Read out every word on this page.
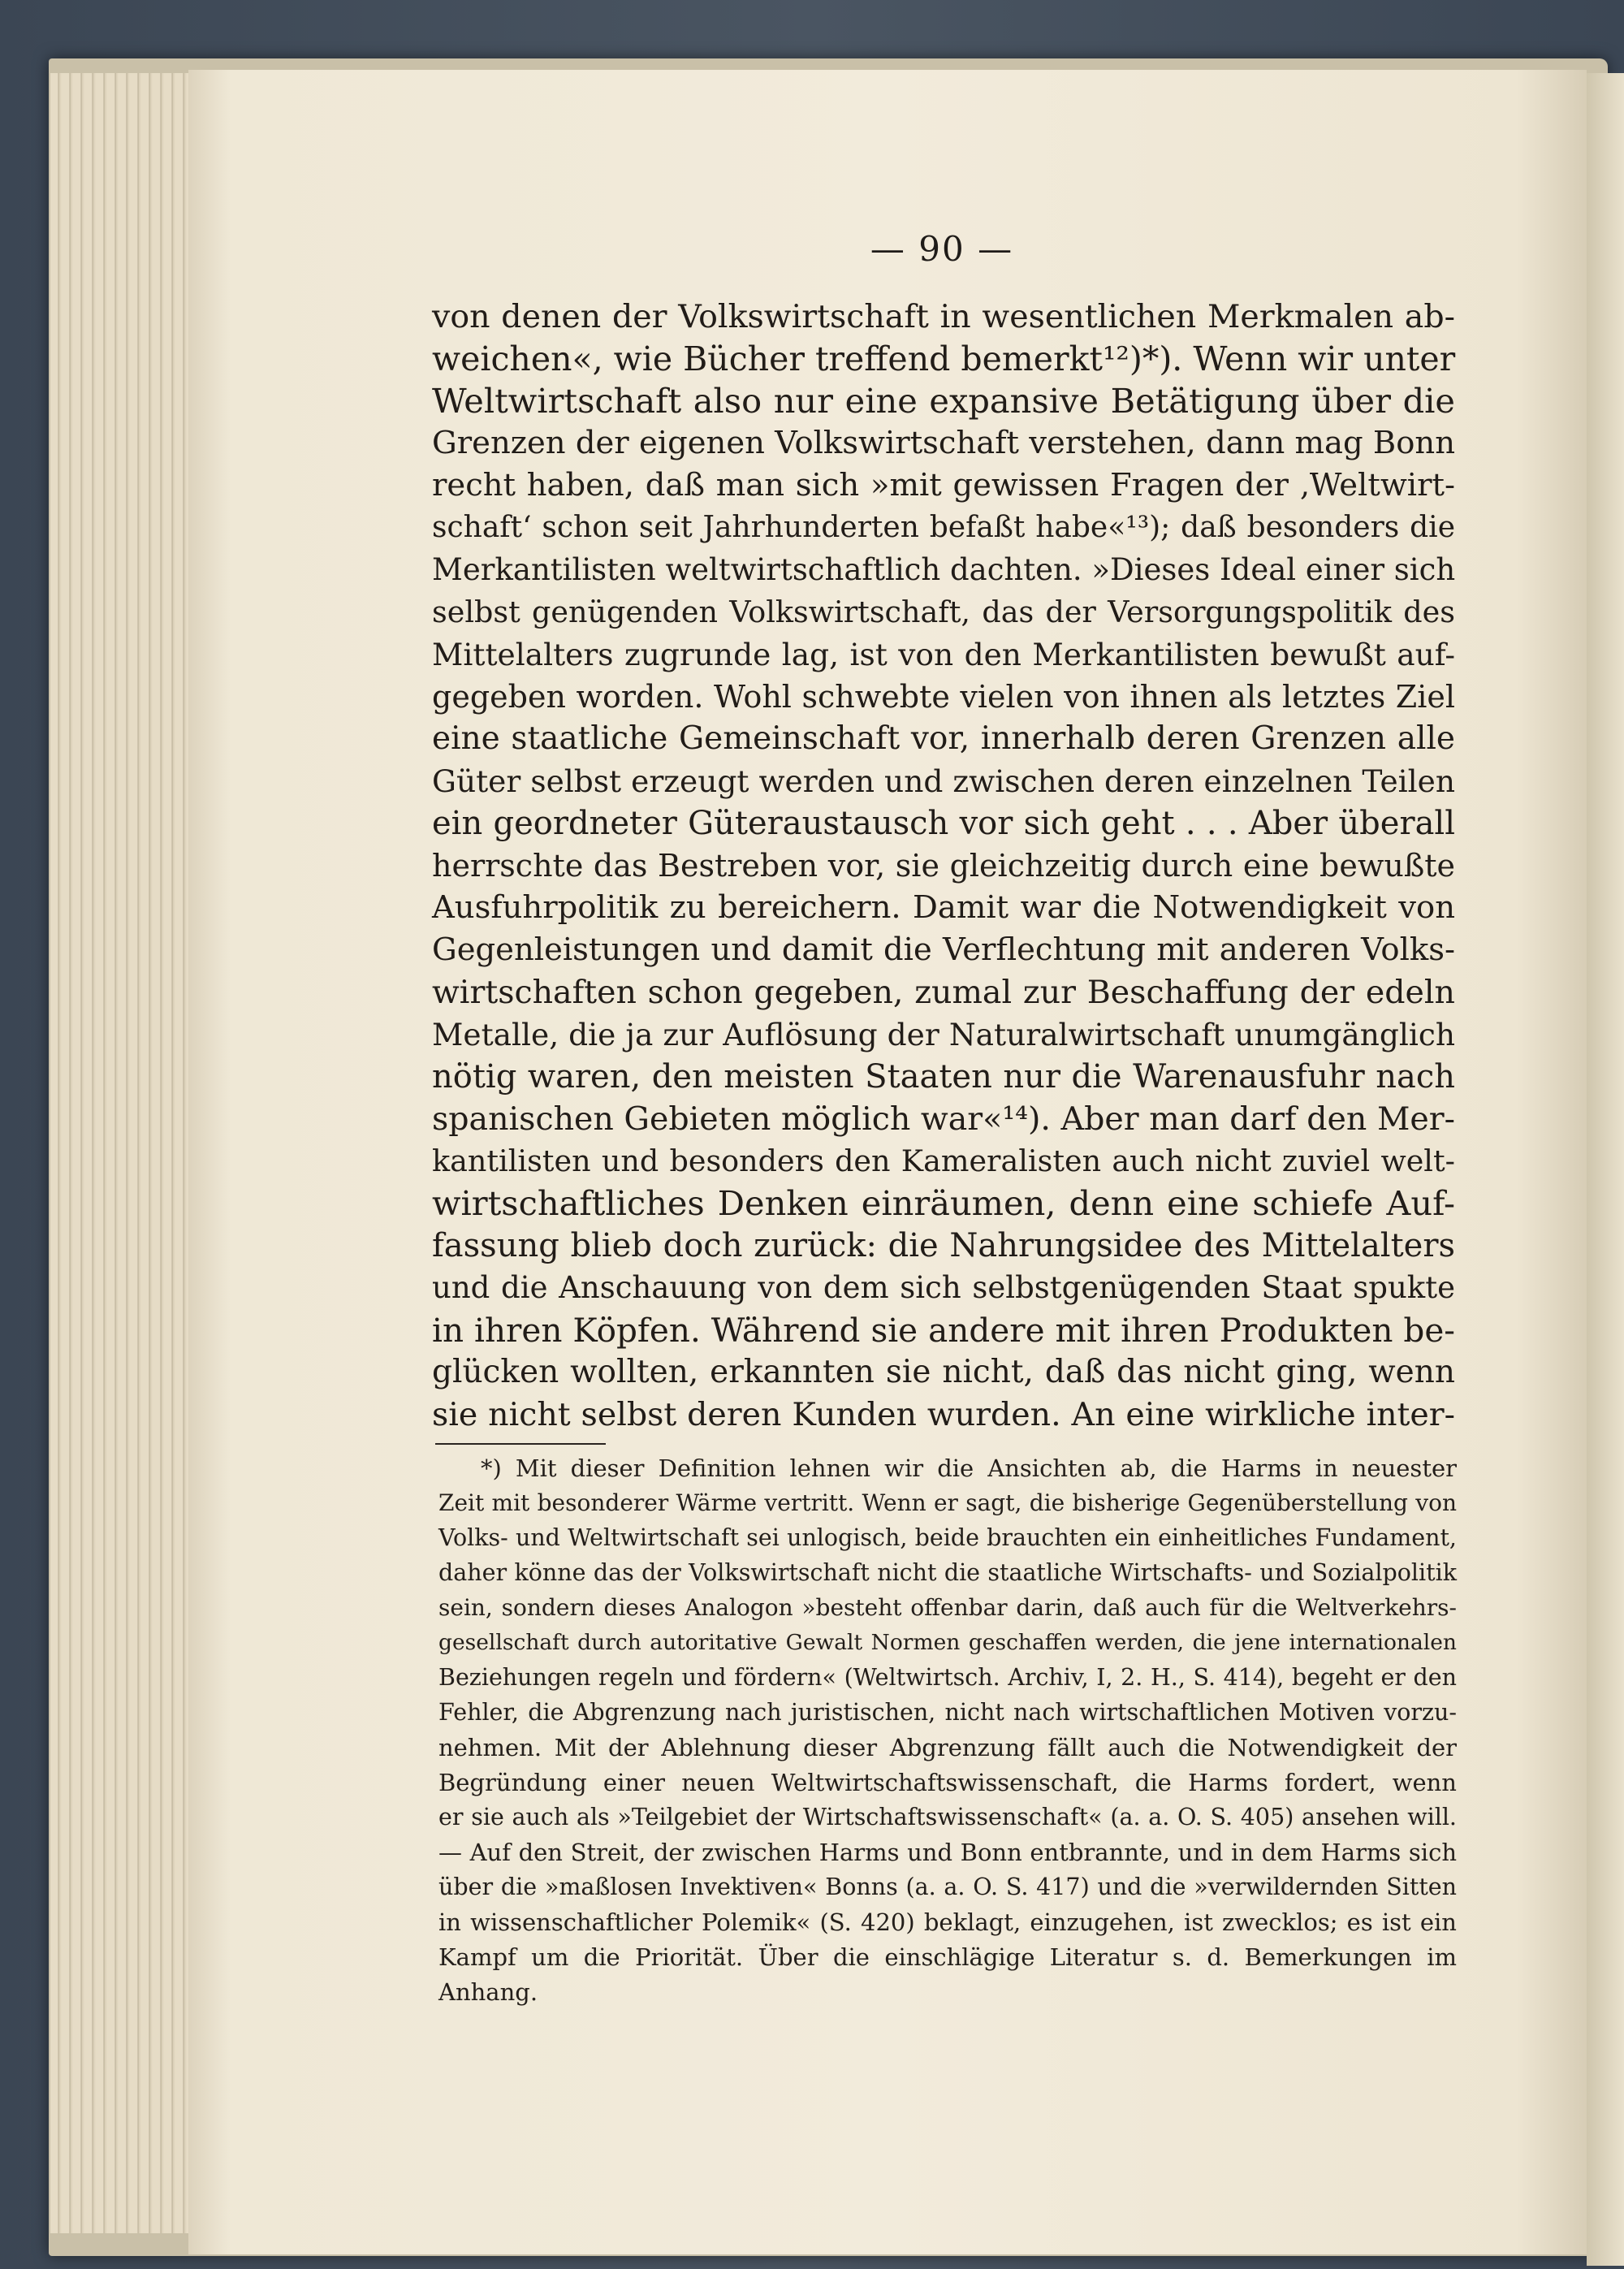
— 90 —
von denen der Volkswirtschaft in wesentlichen Merkmalen ab-
weichen«, wie Bücher treffend bemerkt¹²)*). Wenn wir unter
Weltwirtschaft also nur eine expansive Betätigung über die
Grenzen der eigenen Volkswirtschaft verstehen, dann mag Bonn
recht haben, daß man sich »mit gewissen Fragen der ‚Weltwirt-
schaft‘ schon seit Jahrhunderten befaßt habe«¹³); daß besonders die
Merkantilisten weltwirtschaftlich dachten. »Dieses Ideal einer sich
selbst genügenden Volkswirtschaft, das der Versorgungspolitik des
Mittelalters zugrunde lag, ist von den Merkantilisten bewußt auf-
gegeben worden. Wohl schwebte vielen von ihnen als letztes Ziel
eine staatliche Gemeinschaft vor, innerhalb deren Grenzen alle
Güter selbst erzeugt werden und zwischen deren einzelnen Teilen
ein geordneter Güteraustausch vor sich geht . . . Aber überall
herrschte das Bestreben vor, sie gleichzeitig durch eine bewußte
Ausfuhrpolitik zu bereichern. Damit war die Notwendigkeit von
Gegenleistungen und damit die Verflechtung mit anderen Volks-
wirtschaften schon gegeben, zumal zur Beschaffung der edeln
Metalle, die ja zur Auflösung der Naturalwirtschaft unumgänglich
nötig waren, den meisten Staaten nur die Warenausfuhr nach
spanischen Gebieten möglich war«¹⁴). Aber man darf den Mer-
kantilisten und besonders den Kameralisten auch nicht zuviel welt-
wirtschaftliches Denken einräumen, denn eine schiefe Auf-
fassung blieb doch zurück: die Nahrungsidee des Mittelalters
und die Anschauung von dem sich selbstgenügenden Staat spukte
in ihren Köpfen. Während sie andere mit ihren Produkten be-
glücken wollten, erkannten sie nicht, daß das nicht ging, wenn
sie nicht selbst deren Kunden wurden. An eine wirkliche inter-
*) Mit dieser Definition lehnen wir die Ansichten ab, die Harms in neuester
Zeit mit besonderer Wärme vertritt. Wenn er sagt, die bisherige Gegenüberstellung von
Volks- und Weltwirtschaft sei unlogisch, beide brauchten ein einheitliches Fundament,
daher könne das der Volkswirtschaft nicht die staatliche Wirtschafts- und Sozialpolitik
sein, sondern dieses Analogon »besteht offenbar darin, daß auch für die Weltverkehrs-
gesellschaft durch autoritative Gewalt Normen geschaffen werden, die jene internationalen
Beziehungen regeln und fördern« (Weltwirtsch. Archiv, I, 2. H., S. 414), begeht er den
Fehler, die Abgrenzung nach juristischen, nicht nach wirtschaftlichen Motiven vorzu-
nehmen. Mit der Ablehnung dieser Abgrenzung fällt auch die Notwendigkeit der
Begründung einer neuen Weltwirtschaftswissenschaft, die Harms fordert, wenn
er sie auch als »Teilgebiet der Wirtschaftswissenschaft« (a. a. O. S. 405) ansehen will.
— Auf den Streit, der zwischen Harms und Bonn entbrannte, und in dem Harms sich
über die »maßlosen Invektiven« Bonns (a. a. O. S. 417) und die »verwildernden Sitten
in wissenschaftlicher Polemik« (S. 420) beklagt, einzugehen, ist zwecklos; es ist ein
Kampf um die Priorität. Über die einschlägige Literatur s. d. Bemerkungen im
Anhang.
